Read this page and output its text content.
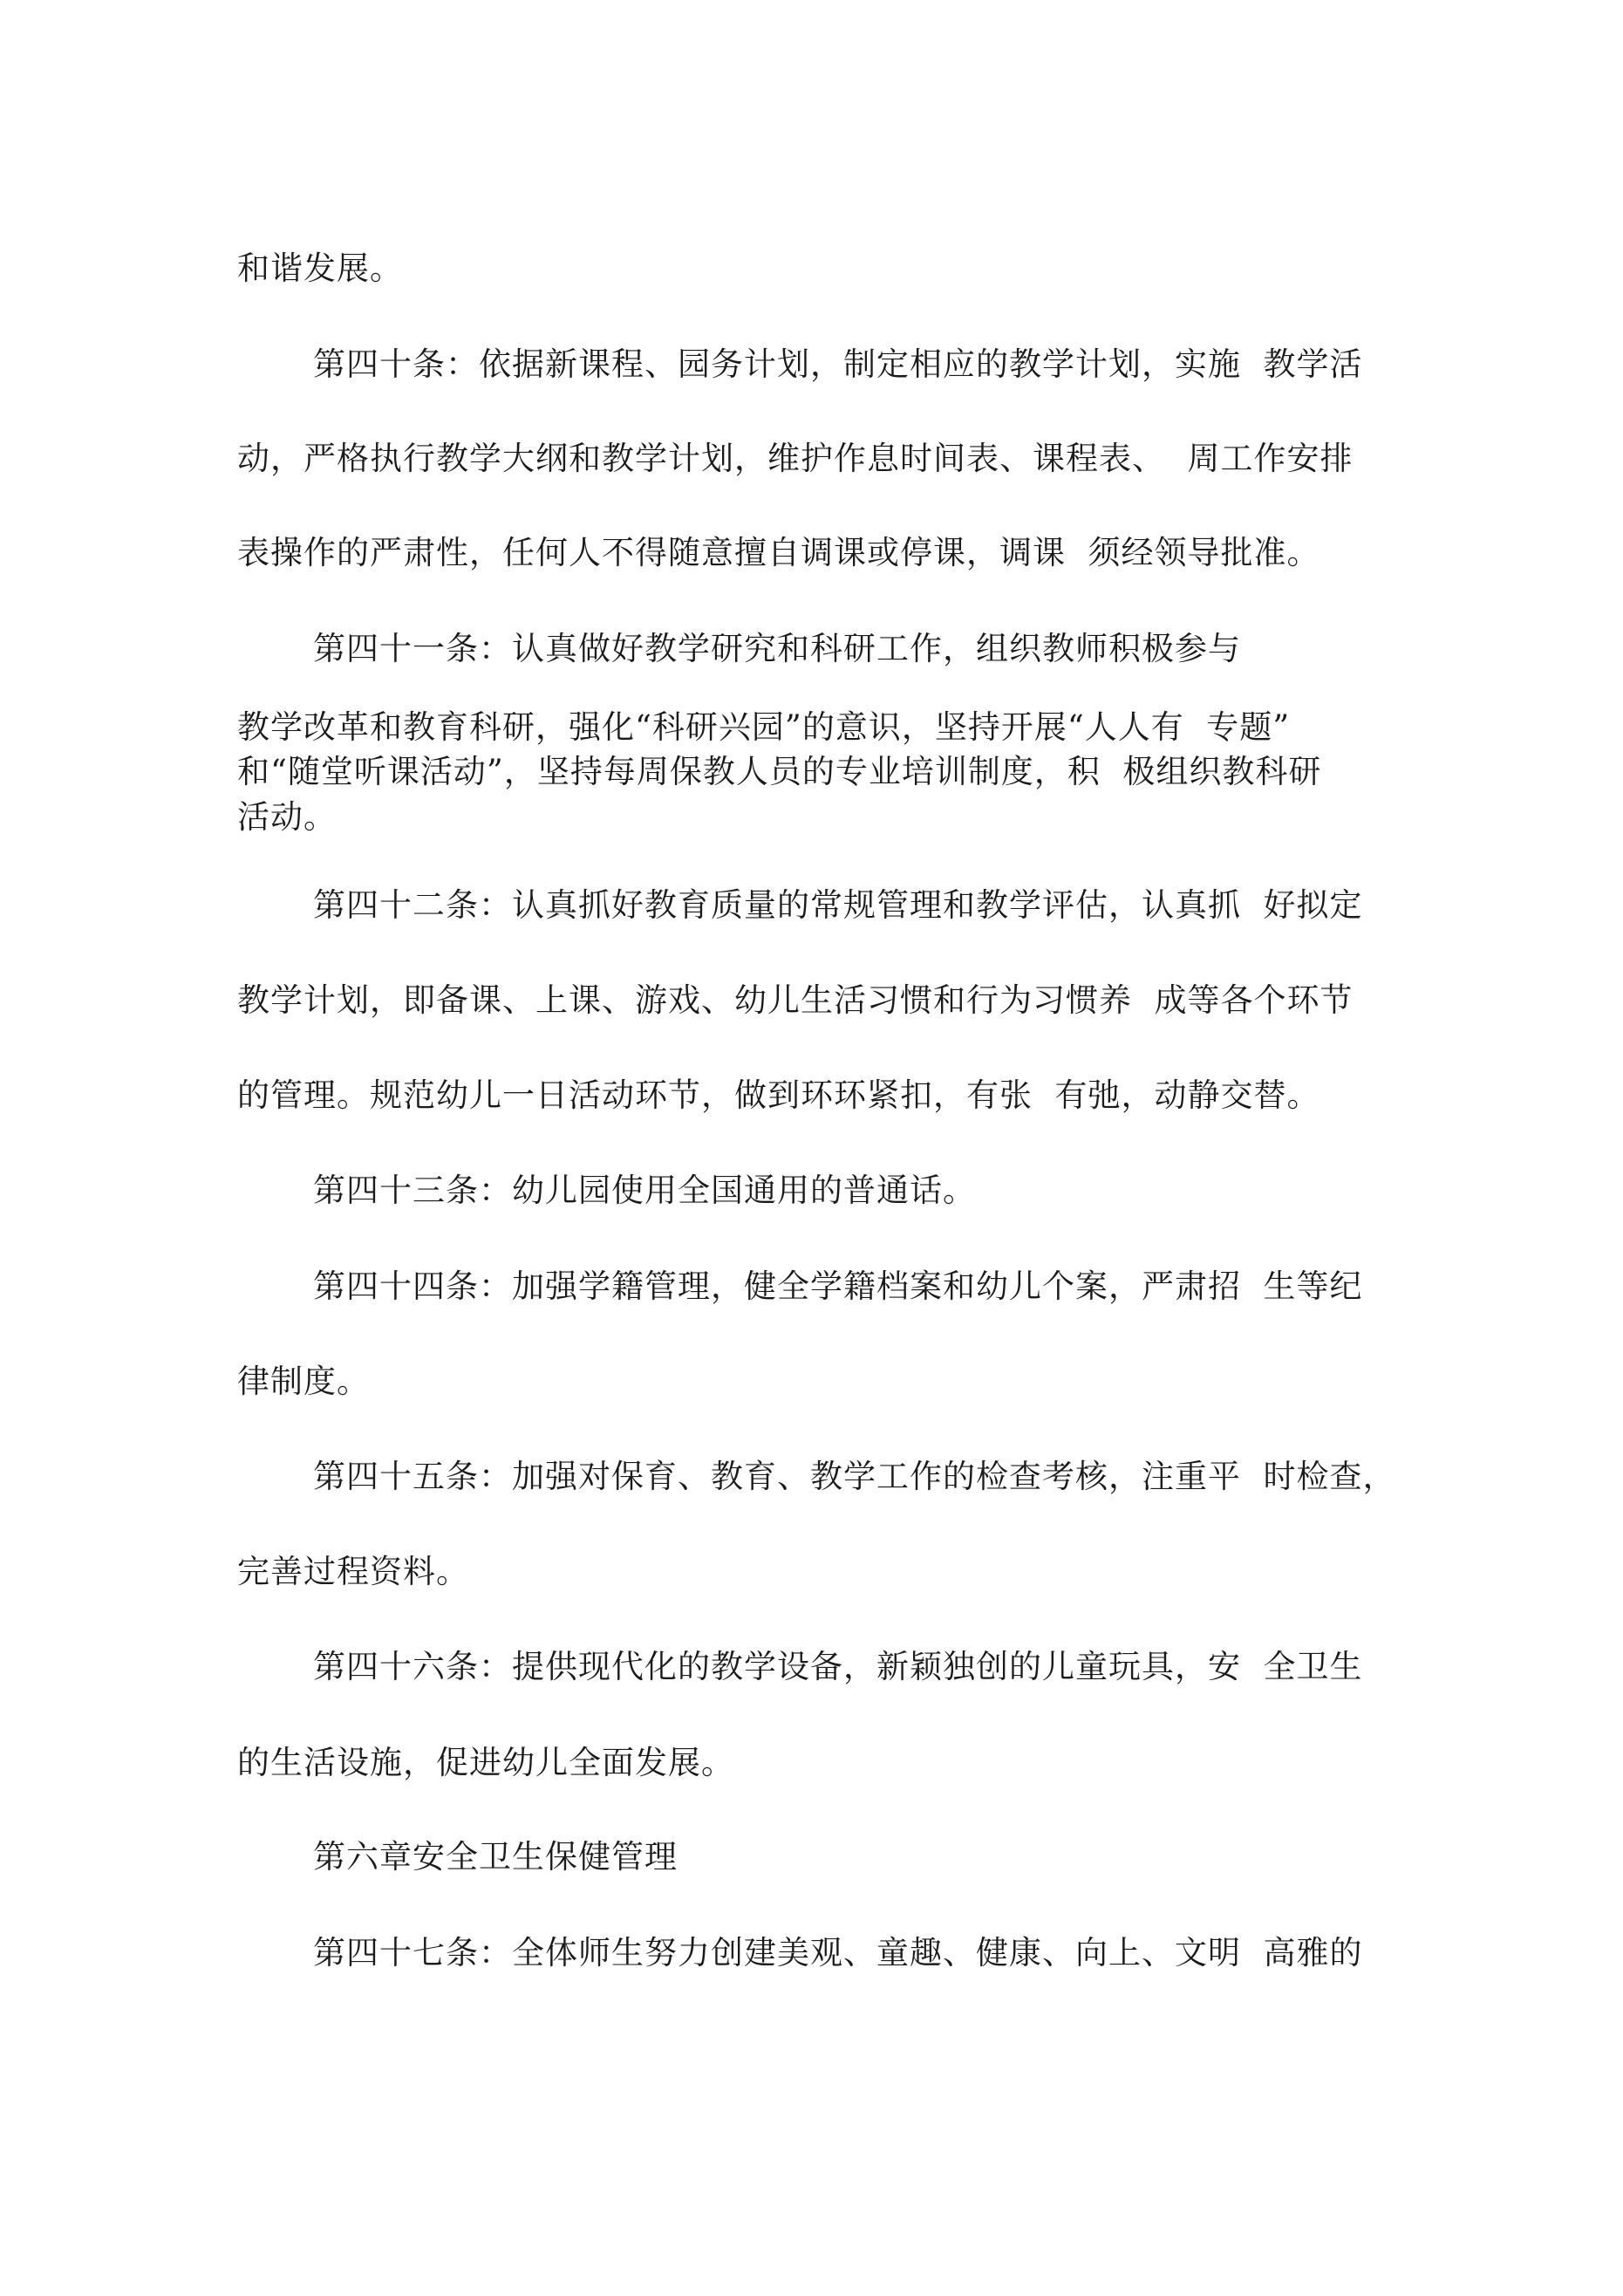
和谐发展。
第四十条：依据新课程、园务计划，制定相应的教学计划，实施  教学活
动，严格执行教学大纲和教学计划，维护作息时间表、课程表、  周工作安排
表操作的严肃性，任何人不得随意擅自调课或停课，调课  须经领导批准。
第四十一条：认真做好教学研究和科研工作，组织教师积极参与
教学改革和教育科研，强化“科研兴园”的意识，坚持开展“人人有  专题”
和“随堂听课活动”，坚持每周保教人员的专业培训制度，积  极组织教科研
活动。
第四十二条：认真抓好教育质量的常规管理和教学评估，认真抓  好拟定
教学计划，即备课、上课、游戏、幼儿生活习惯和行为习惯养  成等各个环节
的管理。规范幼儿一日活动环节，做到环环紧扣，有张  有弛，动静交替。
第四十三条：幼儿园使用全国通用的普通话。
第四十四条：加强学籍管理，健全学籍档案和幼儿个案，严肃招  生等纪
律制度。
第四十五条：加强对保育、教育、教学工作的检查考核，注重平  时检查，
完善过程资料。
第四十六条：提供现代化的教学设备，新颖独创的儿童玩具，安  全卫生
的生活设施，促进幼儿全面发展。
第六章安全卫生保健管理
第四十七条：全体师生努力创建美观、童趣、健康、向上、文明  高雅的
